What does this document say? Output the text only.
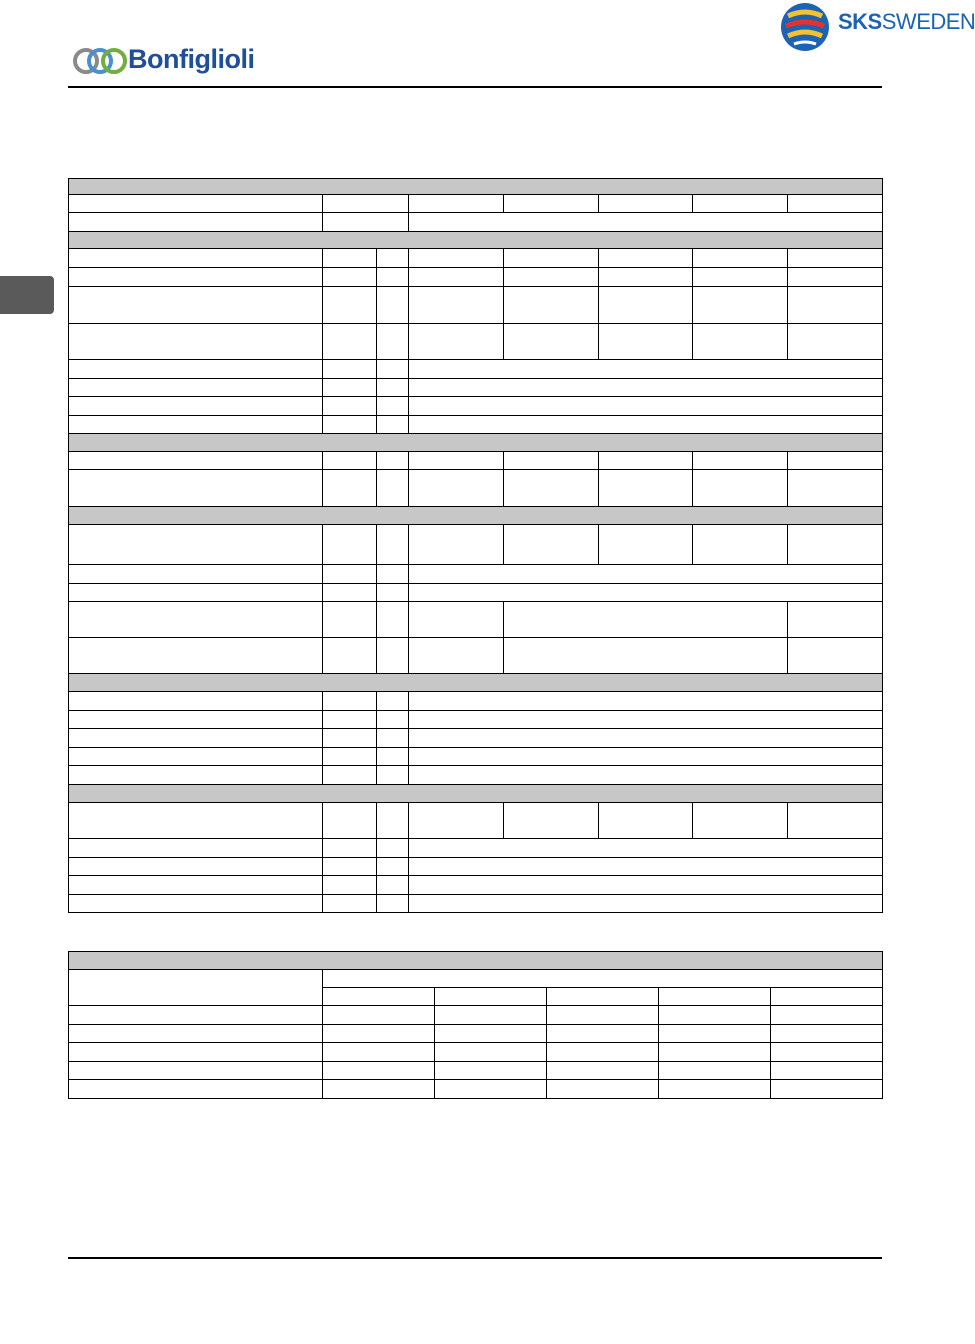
Bonfiglioli
SKSSWEDEN
